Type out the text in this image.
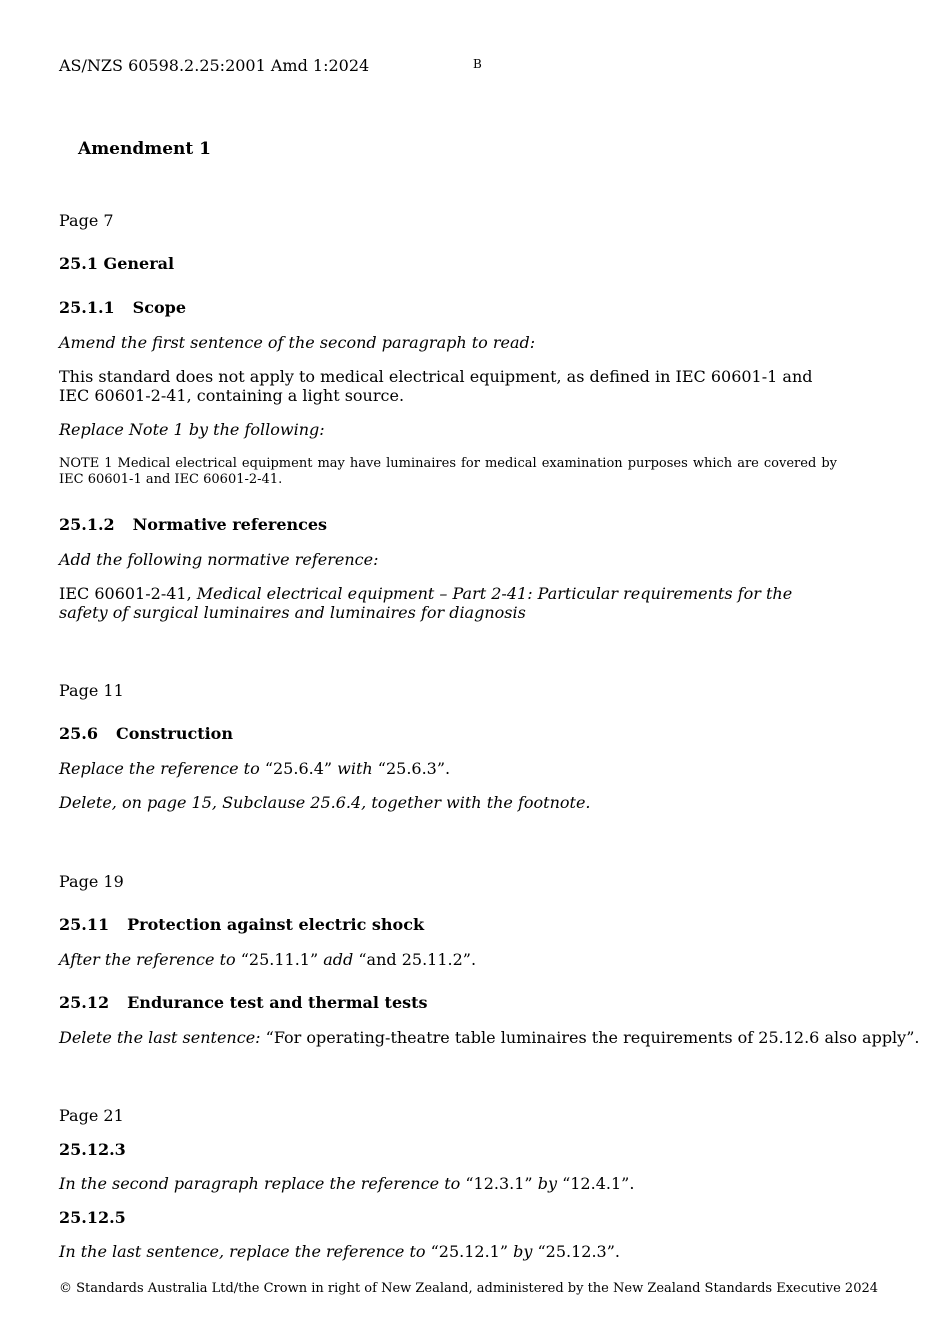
AS/NZS 60598.2.25:2001 Amd 1:2024	B
Amendment 1
Page 7
25.1 General
25.1.1 Scope
Amend the first sentence of the second paragraph to read:
This standard does not apply to medical electrical equipment, as defined in IEC 60601-1 and IEC 60601-2-41, containing a light source.
Replace Note 1 by the following:
NOTE 1 Medical electrical equipment may have luminaires for medical examination purposes which are covered by IEC 60601-1 and IEC 60601-2-41.
25.1.2 Normative references
Add the following normative reference:
IEC 60601-2-41, Medical electrical equipment – Part 2-41: Particular requirements for the safety of surgical luminaires and luminaires for diagnosis
Page 11
25.6 Construction
Replace the reference to “25.6.4” with “25.6.3”.
Delete, on page 15, Subclause 25.6.4, together with the footnote.
Page 19
25.11 Protection against electric shock
After the reference to “25.11.1” add “and 25.11.2”.
25.12 Endurance test and thermal tests
Delete the last sentence: “For operating-theatre table luminaires the requirements of 25.12.6 also apply”.
Page 21
25.12.3
In the second paragraph replace the reference to “12.3.1” by “12.4.1”.
25.12.5
In the last sentence, replace the reference to “25.12.1” by “25.12.3”.
© Standards Australia Ltd/the Crown in right of New Zealand, administered by the New Zealand Standards Executive 2024
